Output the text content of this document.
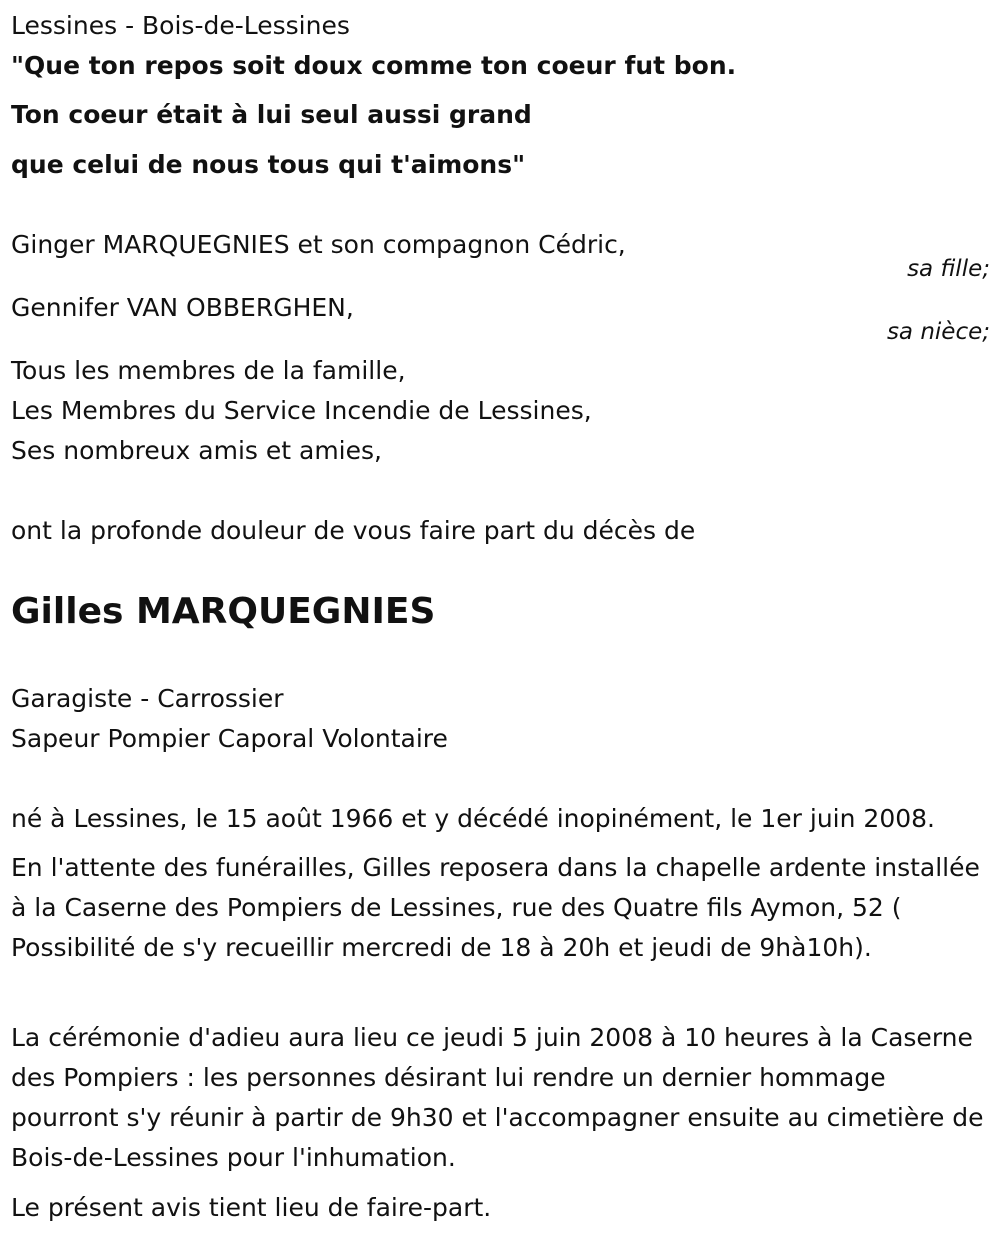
Lessines - Bois-de-Lessines
"Que ton repos soit doux comme ton coeur fut bon.
Ton coeur était à lui seul aussi grand
que celui de nous tous qui t'aimons"
Ginger MARQUEGNIES et son compagnon Cédric,
sa fille;
Gennifer VAN OBBERGHEN,
sa nièce;
Tous les membres de la famille,
Les Membres du Service Incendie de Lessines,
Ses nombreux amis et amies,
ont la profonde douleur de vous faire part du décès de
Gilles MARQUEGNIES
Garagiste - Carrossier
Sapeur Pompier Caporal Volontaire
né à Lessines, le 15 août 1966 et y décédé inopinément, le 1er juin 2008.
En l'attente des funérailles, Gilles reposera dans la chapelle ardente installée à la Caserne des Pompiers de Lessines, rue des Quatre fils Aymon, 52 ( Possibilité de s'y recueillir mercredi de 18 à 20h et jeudi de 9hà10h).
La cérémonie d'adieu aura lieu ce jeudi 5 juin 2008 à 10 heures à la Caserne des Pompiers : les personnes désirant lui rendre un dernier hommage pourront s'y réunir à partir de 9h30 et l'accompagner ensuite au cimetière de Bois-de-Lessines pour l'inhumation.
Le présent avis tient lieu de faire-part.
